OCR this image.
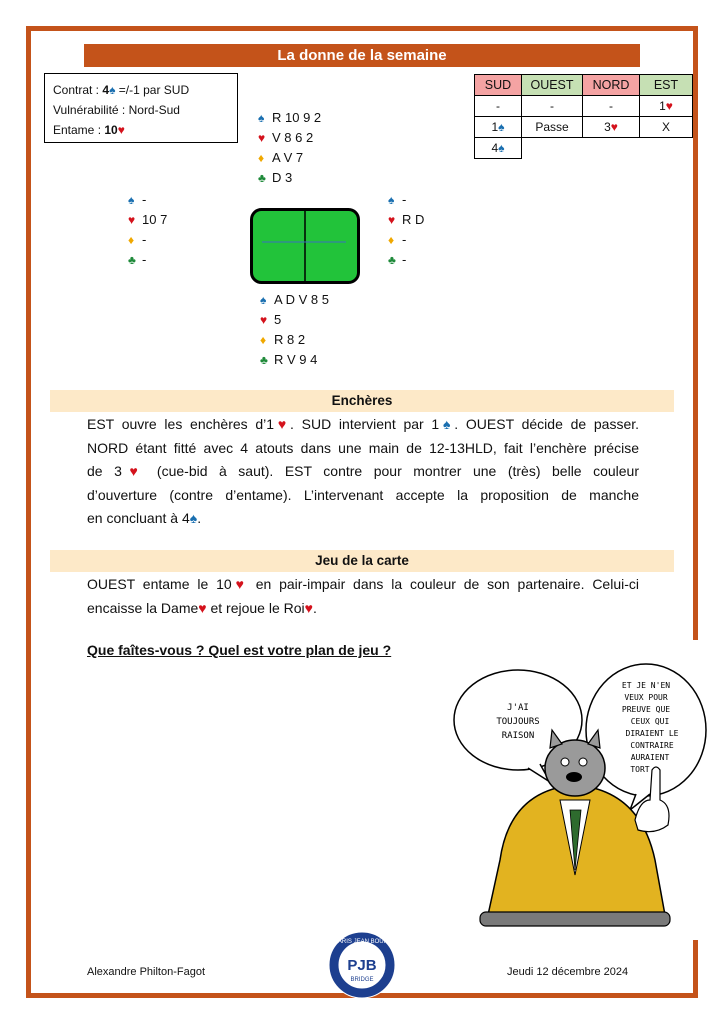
La donne de la semaine
Contrat : 4♠ =/-1 par SUD
Vulnérabilité : Nord-Sud
Entame : 10♥
SUD	OUEST	NORD	EST
-	-	-	1♥
1♠	Passe	3♥	X
4♠			
♠ R 10 9 2
♥ V 8 6 2
♦ A V 7
♣ D 3
♠ -
♥ 10 7
♦ -
♣ -
♠ -
♥ R D
♦ -
♣ -
♠ A D V 8 5
♥ 5
♦ R 8 2
♣ R V 9 4
Enchères
EST ouvre les enchères d’1♥. SUD intervient par 1♠. OUEST décide de passer.
NORD étant fitté avec 4 atouts dans une main de 12-13HLD, fait l’enchère précise
de 3♥ (cue-bid à saut). EST contre pour montrer une (très) belle couleur
d’ouverture (contre d’entame). L’intervenant accepte la proposition de manche
en concluant à 4♠.
Jeu de la carte
OUEST entame le 10♥ en pair-impair dans la couleur de son partenaire. Celui-ci
encaisse la Dame♥ et rejoue le Roi♥.
Que faîtes-vous ? Quel est votre plan de jeu ?
J'AI
TOUJOURS
RAISON
ET JE N'EN
VEUX POUR
PREUVE QUE
CEUX QUI
DIRAIENT LE
CONTRAIRE
AURAIENT
TORT
Alexandre Philton-Fagot
PARIS JEAN BOUIN
PJB
BRIDGE
Jeudi 12 décembre 2024
